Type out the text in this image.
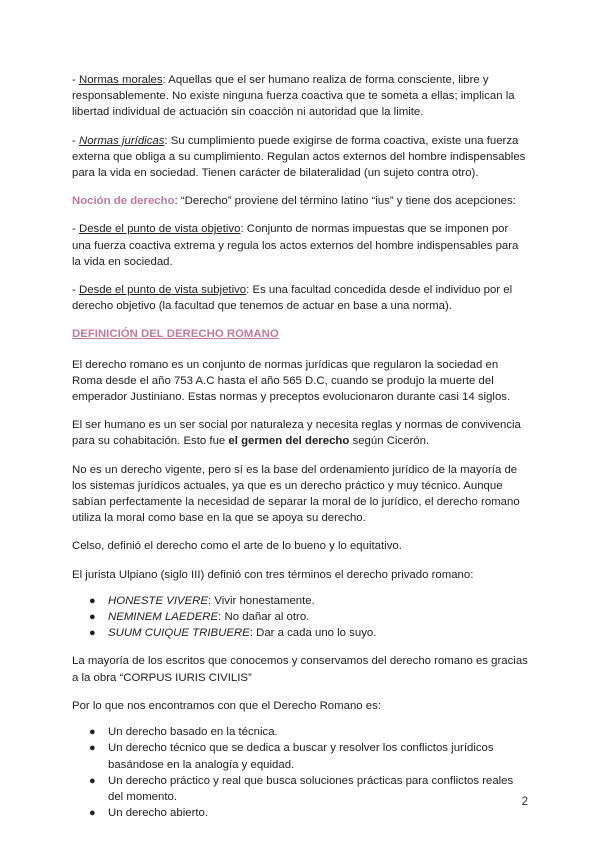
- Normas morales: Aquellas que el ser humano realiza de forma consciente, libre y responsablemente. No existe ninguna fuerza coactiva que te someta a ellas; implican la libertad individual de actuación sin coacción ni autoridad que la limite.

- Normas jurídicas: Su cumplimiento puede exigirse de forma coactiva, existe una fuerza externa que obliga a su cumplimiento. Regulan actos externos del hombre indispensables para la vida en sociedad. Tienen carácter de bilateralidad (un sujeto contra otro).

Noción de derecho: “Derecho” proviene del término latino “ius” y tiene dos acepciones:

- Desde el punto de vista objetivo: Conjunto de normas impuestas que se imponen por una fuerza coactiva extrema y regula los actos externos del hombre indispensables para la vida en sociedad.

- Desde el punto de vista subjetivo: Es una facultad concedida desde el individuo por el derecho objetivo (la facultad que tenemos de actuar en base a una norma).

DEFINICIÓN DEL DERECHO ROMANO

El derecho romano es un conjunto de normas jurídicas que regularon la sociedad en Roma desde el año 753 A.C hasta el año 565 D.C, cuando se produjo la muerte del emperador Justiniano. Estas normas y preceptos evolucionaron durante casi 14 siglos.

El ser humano es un ser social por naturaleza y necesita reglas y normas de convivencia para su cohabitación. Esto fue el germen del derecho según Cicerón.

No es un derecho vigente, pero sí es la base del ordenamiento jurídico de la mayoría de los sistemas jurídicos actuales, ya que es un derecho práctico y muy técnico. Aunque sabían perfectamente la necesidad de separar la moral de lo jurídico, el derecho romano utiliza la moral como base en la que se apoya su derecho.

Celso, definió el derecho como el arte de lo bueno y lo equitativo.

El jurista Ulpiano (siglo III) definió con tres términos el derecho privado romano:

● HONESTE VIVERE: Vivir honestamente.
● NEMINEM LAEDERE: No dañar al otro.
● SUUM CUIQUE TRIBUERE: Dar a cada uno lo suyo.

La mayoría de los escritos que conocemos y conservamos del derecho romano es gracias a la obra “CORPUS IURIS CIVILIS”

Por lo que nos encontramos con que el Derecho Romano es:

● Un derecho basado en la técnica.
● Un derecho técnico que se dedica a buscar y resolver los conflictos jurídicos basándose en la analogía y equidad.
● Un derecho práctico y real que busca soluciones prácticas para conflictos reales del momento.
● Un derecho abierto.
2
